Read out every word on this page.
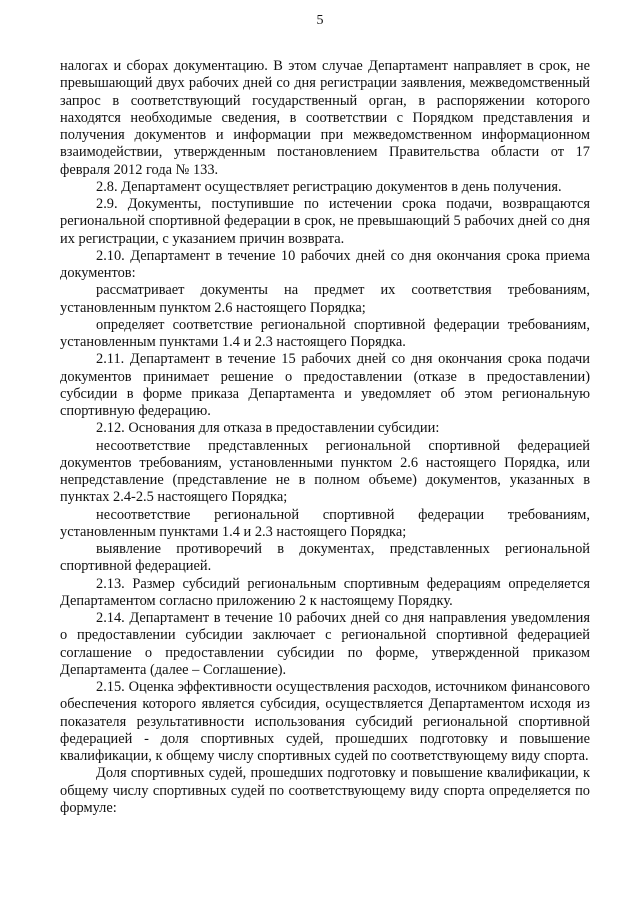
5

налогах и сборах документацию. В этом случае Департамент направляет в срок, не превышающий двух рабочих дней со дня регистрации заявления, межведомственный запрос в соответствующий государственный орган, в распоряжении которого находятся необходимые сведения, в соответствии с Порядком представления и получения документов и информации при межведомственном информационном взаимодействии, утвержденным постановлением Правительства области от 17 февраля 2012 года № 133.

2.8. Департамент осуществляет регистрацию документов в день получения.

2.9. Документы, поступившие по истечении срока подачи, возвращаются региональной спортивной федерации в срок, не превышающий 5 рабочих дней со дня их регистрации, с указанием причин возврата.

2.10. Департамент в течение 10 рабочих дней со дня окончания срока приема документов:

рассматривает документы на предмет их соответствия требованиям, установленным пунктом 2.6 настоящего Порядка;

определяет соответствие региональной спортивной федерации требованиям, установленным пунктами 1.4 и 2.3 настоящего Порядка.

2.11. Департамент в течение 15 рабочих дней со дня окончания срока подачи документов принимает решение о предоставлении (отказе в предоставлении) субсидии в форме приказа Департамента и уведомляет об этом региональную спортивную федерацию.

2.12. Основания для отказа в предоставлении субсидии:

несоответствие представленных региональной спортивной федерацией документов требованиям, установленными пунктом 2.6 настоящего Порядка, или непредставление (представление не в полном объеме) документов, указанных в пунктах 2.4-2.5 настоящего Порядка;

несоответствие региональной спортивной федерации требованиям, установленным пунктами 1.4 и 2.3 настоящего Порядка;

выявление противоречий в документах, представленных региональной спортивной федерацией.

2.13. Размер субсидий региональным спортивным федерациям определяется Департаментом согласно приложению 2 к настоящему Порядку.

2.14. Департамент в течение 10 рабочих дней со дня направления уведомления о предоставлении субсидии заключает с региональной спортивной федерацией соглашение о предоставлении субсидии по форме, утвержденной приказом Департамента (далее – Соглашение).

2.15. Оценка эффективности осуществления расходов, источником финансового обеспечения которого является субсидия, осуществляется Департаментом исходя из показателя результативности использования субсидий региональной спортивной федерацией - доля спортивных судей, прошедших подготовку и повышение квалификации, к общему числу спортивных судей по соответствующему виду спорта.

Доля спортивных судей, прошедших подготовку и повышение квалификации, к общему числу спортивных судей по соответствующему виду спорта определяется по формуле:
